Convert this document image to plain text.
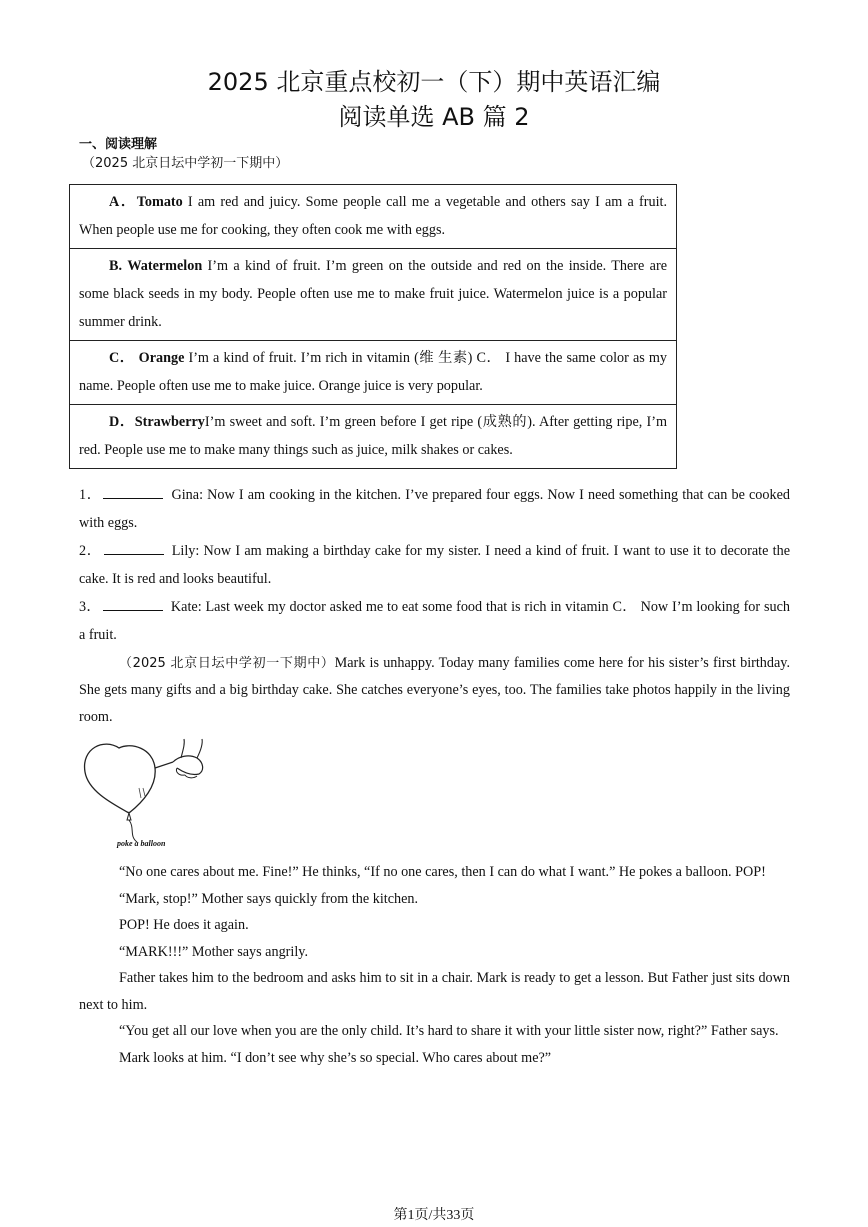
2025 北京重点校初一（下）期中英语汇编
阅读单选 AB 篇 2
一、阅读理解
（2025 北京日坛中学初一下期中）
A．Tomato I am red and juicy. Some people call me a vegetable and others say I am a fruit. When people use me for cooking, they often cook me with eggs.
B. Watermelon I’m a kind of fruit. I’m green on the outside and red on the inside. There are some black seeds in my body. People often use me to make fruit juice. Watermelon juice is a popular summer drink.
C． Orange I’m a kind of fruit. I’m rich in vitamin (维 生素) C． I have the same color as my name. People often use me to make juice. Orange juice is very popular.
D．StrawberryI’m sweet and soft. I’m green before I get ripe (成熟的). After getting ripe, I’m red. People use me to make many things such as juice, milk shakes or cakes.

1．	Gina: Now I am cooking in the kitchen. I’ve prepared four eggs. Now I need something that can be cooked with eggs.

2．	Lily: Now I am making a birthday cake for my sister. I need a kind of fruit. I want to use it to decorate the cake. It is red and looks beautiful.

3．	Kate: Last week my doctor asked me to eat some food that is rich in vitamin C． Now I’m looking for such a fruit.

（2025 北京日坛中学初一下期中）Mark is unhappy. Today many families come here for his sister’s first birthday. She gets many gifts and a big birthday cake. She catches everyone’s eyes, too. The families take photos happily in the living room.

poke a balloon

“No one cares about me. Fine!” He thinks, “If no one cares, then I can do what I want.” He pokes a balloon. POP!

“Mark, stop!” Mother says quickly from the kitchen.

POP! He does it again.

“MARK!!!” Mother says angrily.

Father takes him to the bedroom and asks him to sit in a chair. Mark is ready to get a lesson. But Father just sits down next to him.

“You get all our love when you are the only child. It’s hard to share it with your little sister now, right?” Father says.

Mark looks at him. “I don’t see why she’s so special. Who cares about me?”

第1页/共33页
